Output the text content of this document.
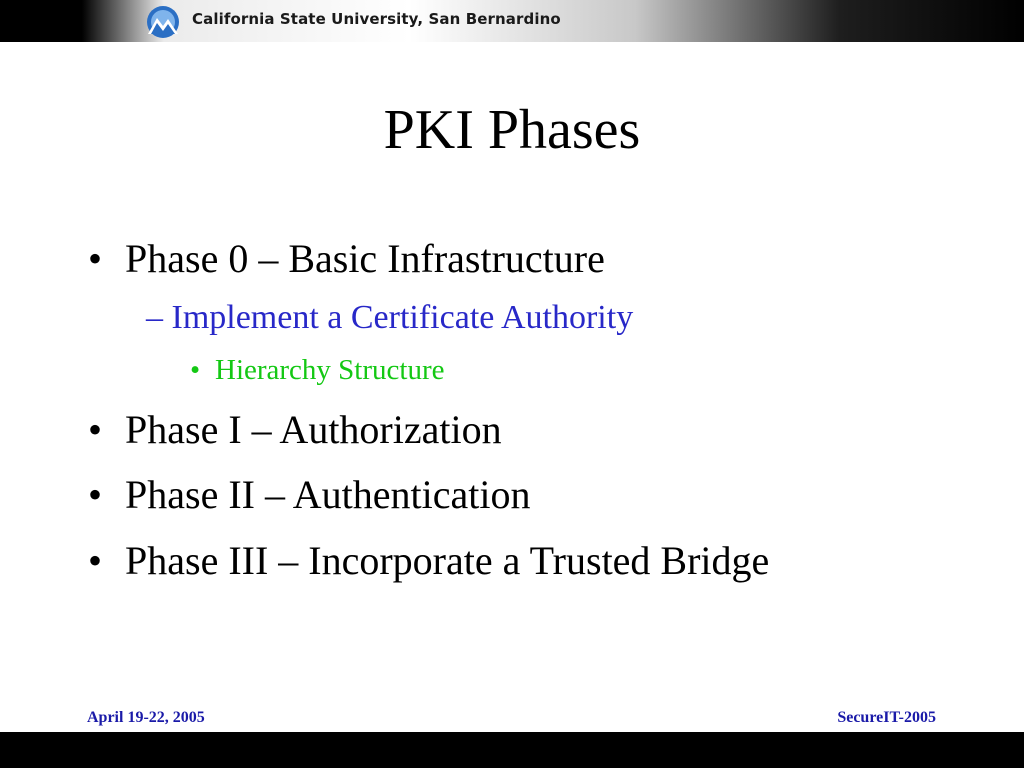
California State University, San Bernardino
PKI Phases
• Phase 0 – Basic Infrastructure
– Implement a Certificate Authority
• Hierarchy Structure
• Phase I – Authorization
• Phase II – Authentication
• Phase III – Incorporate a Trusted Bridge
April 19-22, 2005	SecureIT-2005
